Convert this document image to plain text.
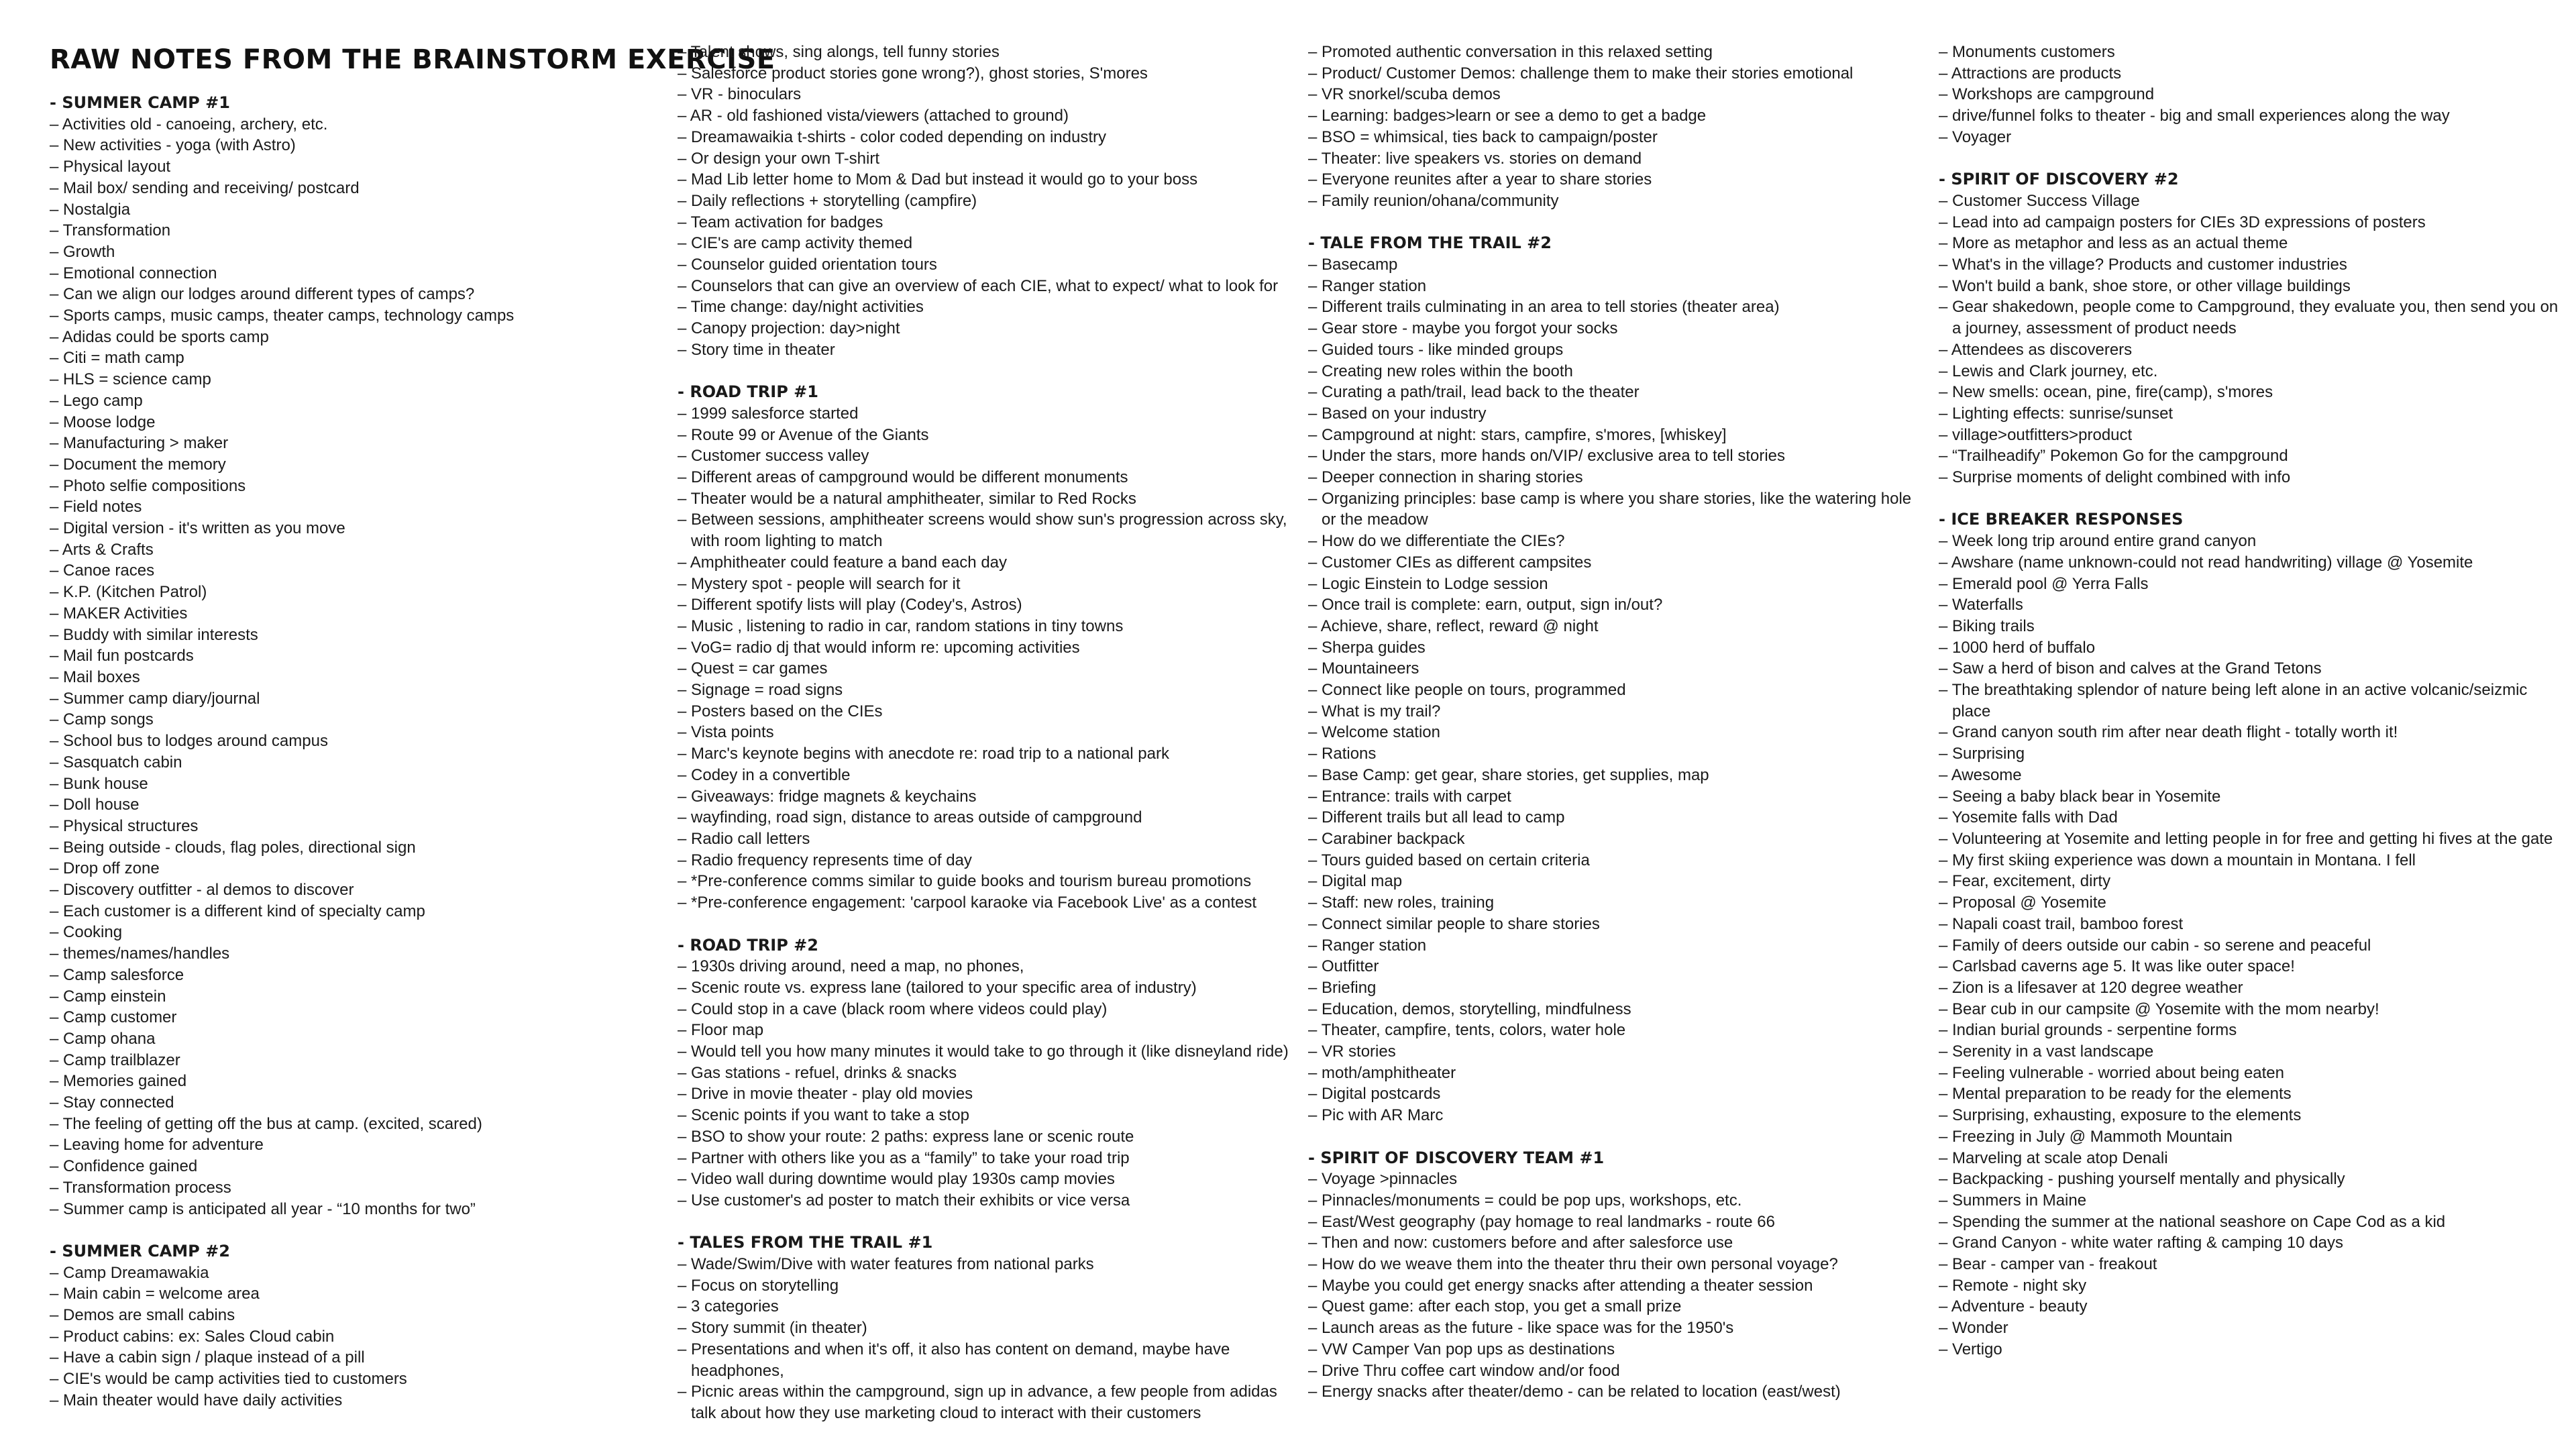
RAW NOTES FROM THE BRAINSTORM EXERCISE
- SUMMER CAMP #1
– Activities old - canoeing, archery, etc.
– New activities - yoga (with Astro)
– Physical layout
– Mail box/ sending and receiving/ postcard
– Nostalgia
– Transformation
– Growth
– Emotional connection
– Can we align our lodges around different types of camps?
– Sports camps, music camps, theater camps, technology camps
– Adidas could be sports camp
– Citi = math camp
– HLS = science camp
– Lego camp
– Moose lodge
– Manufacturing > maker
– Document the memory
– Photo selfie compositions
– Field notes
– Digital version - it's written as you move
– Arts & Crafts
– Canoe races
– K.P. (Kitchen Patrol)
– MAKER Activities
– Buddy with similar interests
– Mail fun postcards
– Mail boxes
– Summer camp diary/journal
– Camp songs
– School bus to lodges around campus
– Sasquatch cabin
– Bunk house
– Doll house
– Physical structures
– Being outside - clouds, flag poles, directional sign
– Drop off zone
– Discovery outfitter - al demos to discover
– Each customer is a different kind of specialty camp
– Cooking
– themes/names/handles
– Camp salesforce
– Camp einstein
– Camp customer
– Camp ohana
– Camp trailblazer
– Memories gained
– Stay connected
– The feeling of getting off the bus at camp. (excited, scared)
– Leaving home for adventure
– Confidence gained
– Transformation process
– Summer camp is anticipated all year - “10 months for two”
- SUMMER CAMP #2
– Camp Dreamawakia
– Main cabin = welcome area
– Demos are small cabins
– Product cabins: ex: Sales Cloud cabin
– Have a cabin sign / plaque instead of a pill
– CIE's would be camp activities tied to customers
– Main theater would have daily activities
– Talent shows, sing alongs, tell funny stories
– Salesforce product stories gone wrong?), ghost stories, S'mores
– VR - binoculars
– AR - old fashioned vista/viewers (attached to ground)
– Dreamawaikia t-shirts - color coded depending on industry
– Or design your own T-shirt
– Mad Lib letter home to Mom & Dad but instead it would go to your boss
– Daily reflections + storytelling (campfire)
– Team activation for badges
– CIE's are camp activity themed
– Counselor guided orientation tours
– Counselors that can give an overview of each CIE, what to expect/ what to look for
– Time change: day/night activities
– Canopy projection: day>night
– Story time in theater
- ROAD TRIP #1
– 1999 salesforce started
– Route 99 or Avenue of the Giants
– Customer success valley
– Different areas of campground would be different monuments
– Theater would be a natural amphitheater, similar to Red Rocks
– Between sessions, amphitheater screens would show sun's progression across sky, with room lighting to match
– Amphitheater could feature a band each day
– Mystery spot - people will search for it
– Different spotify lists will play (Codey's, Astros)
– Music , listening to radio in car, random stations in tiny towns
– VoG= radio dj that would inform re: upcoming activities
– Quest = car games
– Signage = road signs
– Posters based on the CIEs
– Vista points
– Marc's keynote begins with anecdote re: road trip to a national park
– Codey in a convertible
– Giveaways: fridge magnets & keychains
– wayfinding, road sign, distance to areas outside of campground
– Radio call letters
– Radio frequency represents time of day
– *Pre-conference comms similar to guide books and tourism bureau promotions
– *Pre-conference engagement: 'carpool karaoke via Facebook Live' as a contest
- ROAD TRIP #2
– 1930s driving around, need a map, no phones,
– Scenic route vs. express lane (tailored to your specific area of industry)
– Could stop in a cave (black room where videos could play)
– Floor map
– Would tell you how many minutes it would take to go through it (like disneyland ride)
– Gas stations - refuel, drinks & snacks
– Drive in movie theater - play old movies
– Scenic points if you want to take a stop
– BSO to show your route: 2 paths: express lane or scenic route
– Partner with others like you as a “family” to take your road trip
– Video wall during downtime would play 1930s camp movies
– Use customer's ad poster to match their exhibits or vice versa
- TALES FROM THE TRAIL #1
– Wade/Swim/Dive with water features from national parks
– Focus on storytelling
– 3 categories
– Story summit (in theater)
– Presentations and when it's off, it also has content on demand, maybe have headphones,
– Picnic areas within the campground, sign up in advance, a few people from adidas talk about how they use marketing cloud to interact with their customers
– Promoted authentic conversation in this relaxed setting
– Product/ Customer Demos: challenge them to make their stories emotional
– VR snorkel/scuba demos
– Learning: badges>learn or see a demo to get a badge
– BSO = whimsical, ties back to campaign/poster
– Theater: live speakers vs. stories on demand
– Everyone reunites after a year to share stories
– Family reunion/ohana/community
- TALE FROM THE TRAIL #2
– Basecamp
– Ranger station
– Different trails culminating in an area to tell stories (theater area)
– Gear store - maybe you forgot your socks
– Guided tours - like minded groups
– Creating new roles within the booth
– Curating a path/trail, lead back to the theater
– Based on your industry
– Campground at night: stars, campfire, s'mores, [whiskey]
– Under the stars, more hands on/VIP/ exclusive area to tell stories
– Deeper connection in sharing stories
– Organizing principles: base camp is where you share stories, like the watering hole or the meadow
– How do we differentiate the CIEs?
– Customer CIEs as different campsites
– Logic Einstein to Lodge session
– Once trail is complete: earn, output, sign in/out?
– Achieve, share, reflect, reward @ night
– Sherpa guides
– Mountaineers
– Connect like people on tours, programmed
– What is my trail?
– Welcome station
– Rations
– Base Camp: get gear, share stories, get supplies, map
– Entrance: trails with carpet
– Different trails but all lead to camp
– Carabiner backpack
– Tours guided based on certain criteria
– Digital map
– Staff: new roles, training
– Connect similar people to share stories
– Ranger station
– Outfitter
– Briefing
– Education, demos, storytelling, mindfulness
– Theater, campfire, tents, colors, water hole
– VR stories
– moth/amphitheater
– Digital postcards
– Pic with AR Marc
- SPIRIT OF DISCOVERY TEAM #1
– Voyage >pinnacles
– Pinnacles/monuments = could be pop ups, workshops, etc.
– East/West geography (pay homage to real landmarks - route 66
– Then and now: customers before and after salesforce use
– How do we weave them into the theater thru their own personal voyage?
– Maybe you could get energy snacks after attending a theater session
– Quest game: after each stop, you get a small prize
– Launch areas as the future - like space was for the 1950's
– VW Camper Van pop ups as destinations
– Drive Thru coffee cart window and/or food
– Energy snacks after theater/demo - can be related to location (east/west)
– Monuments customers
– Attractions are products
– Workshops are campground
– drive/funnel folks to theater - big and small experiences along the way
– Voyager
- SPIRIT OF DISCOVERY #2
– Customer Success Village
– Lead into ad campaign posters for CIEs 3D expressions of posters
– More as metaphor and less as an actual theme
– What's in the village? Products and customer industries
– Won't build a bank, shoe store, or other village buildings
– Gear shakedown, people come to Campground, they evaluate you, then send you on a journey, assessment of product needs
– Attendees as discoverers
– Lewis and Clark journey, etc.
– New smells: ocean, pine, fire(camp), s'mores
– Lighting effects: sunrise/sunset
– village>outfitters>product
– “Trailheadify” Pokemon Go for the campground
– Surprise moments of delight combined with info
- ICE BREAKER RESPONSES
– Week long trip around entire grand canyon
– Awshare (name unknown-could not read handwriting) village @ Yosemite
– Emerald pool @ Yerra Falls
– Waterfalls
– Biking trails
– 1000 herd of buffalo
– Saw a herd of bison and calves at the Grand Tetons
– The breathtaking splendor of nature being left alone in an active volcanic/seizmic place
– Grand canyon south rim after near death flight - totally worth it!
– Surprising
– Awesome
– Seeing a baby black bear in Yosemite
– Yosemite falls with Dad
– Volunteering at Yosemite and letting people in for free and getting hi fives at the gate
– My first skiing experience was down a mountain in Montana. I fell
– Fear, excitement, dirty
– Proposal @ Yosemite
– Napali coast trail, bamboo forest
– Family of deers outside our cabin - so serene and peaceful
– Carlsbad caverns age 5. It was like outer space!
– Zion is a lifesaver at 120 degree weather
– Bear cub in our campsite @ Yosemite with the mom nearby!
– Indian burial grounds - serpentine forms
– Serenity in a vast landscape
– Feeling vulnerable - worried about being eaten
– Mental preparation to be ready for the elements
– Surprising, exhausting, exposure to the elements
– Freezing in July @ Mammoth Mountain
– Marveling at scale atop Denali
– Backpacking - pushing yourself mentally and physically
– Summers in Maine
– Spending the summer at the national seashore on Cape Cod as a kid
– Grand Canyon - white water rafting & camping 10 days
– Bear - camper van - freakout
– Remote - night sky
– Adventure - beauty
– Wonder
– Vertigo
